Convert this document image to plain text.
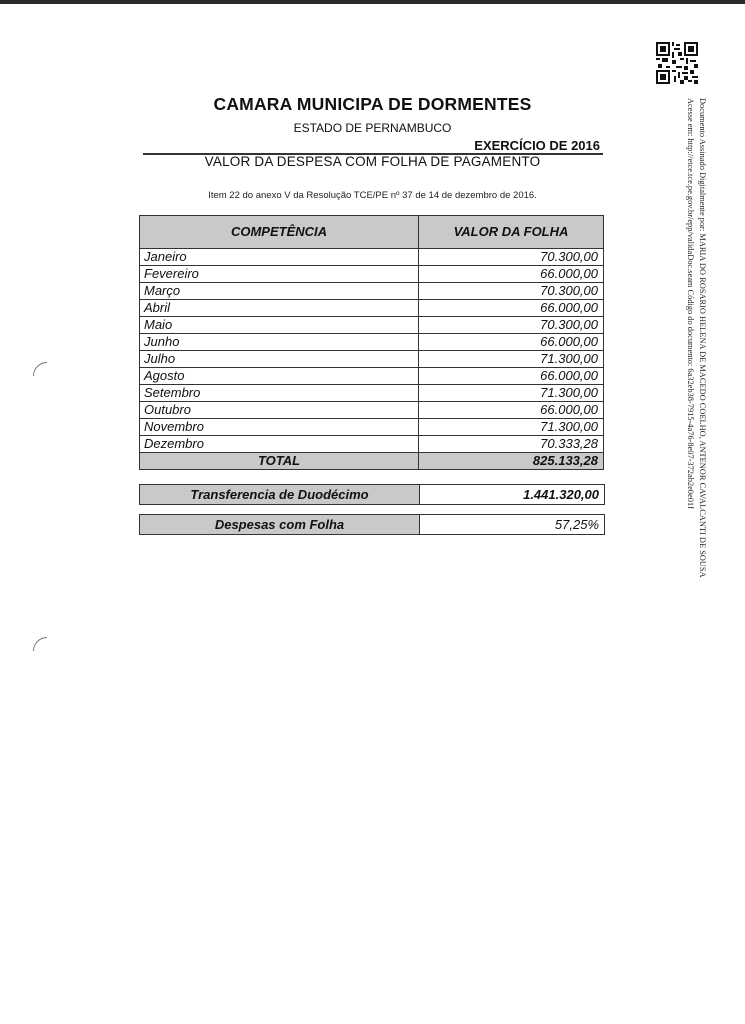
CAMARA MUNICIPA DE DORMENTES
ESTADO DE PERNAMBUCO
EXERCÍCIO DE 2016
VALOR DA DESPESA COM FOLHA DE PAGAMENTO
Item 22 do anexo V da Resolução TCE/PE nº 37 de 14 de dezembro de 2016.
COMPETÊNCIA	VALOR DA FOLHA
Janeiro	70.300,00
Fevereiro	66.000,00
Março	70.300,00
Abril	66.000,00
Maio	70.300,00
Junho	66.000,00
Julho	71.300,00
Agosto	66.000,00
Setembro	71.300,00
Outubro	66.000,00
Novembro	71.300,00
Dezembro	70.333,28
TOTAL	825.133,28
Transferencia de Duodécimo	1.441.320,00
Despesas com Folha	57,25%	Documento Assinado Digitalmente por: MARIA DO ROSARIO HELENA DE MACEDO COELHO, ANTENOR CAVALCANTI DE SOUSA
Acesse em: http://etce.tce.pe.gov.br/epp/validaDoc.seam Código do documento: 6a32eb38-7915-4a76-8e07-372ab2e0e01f
